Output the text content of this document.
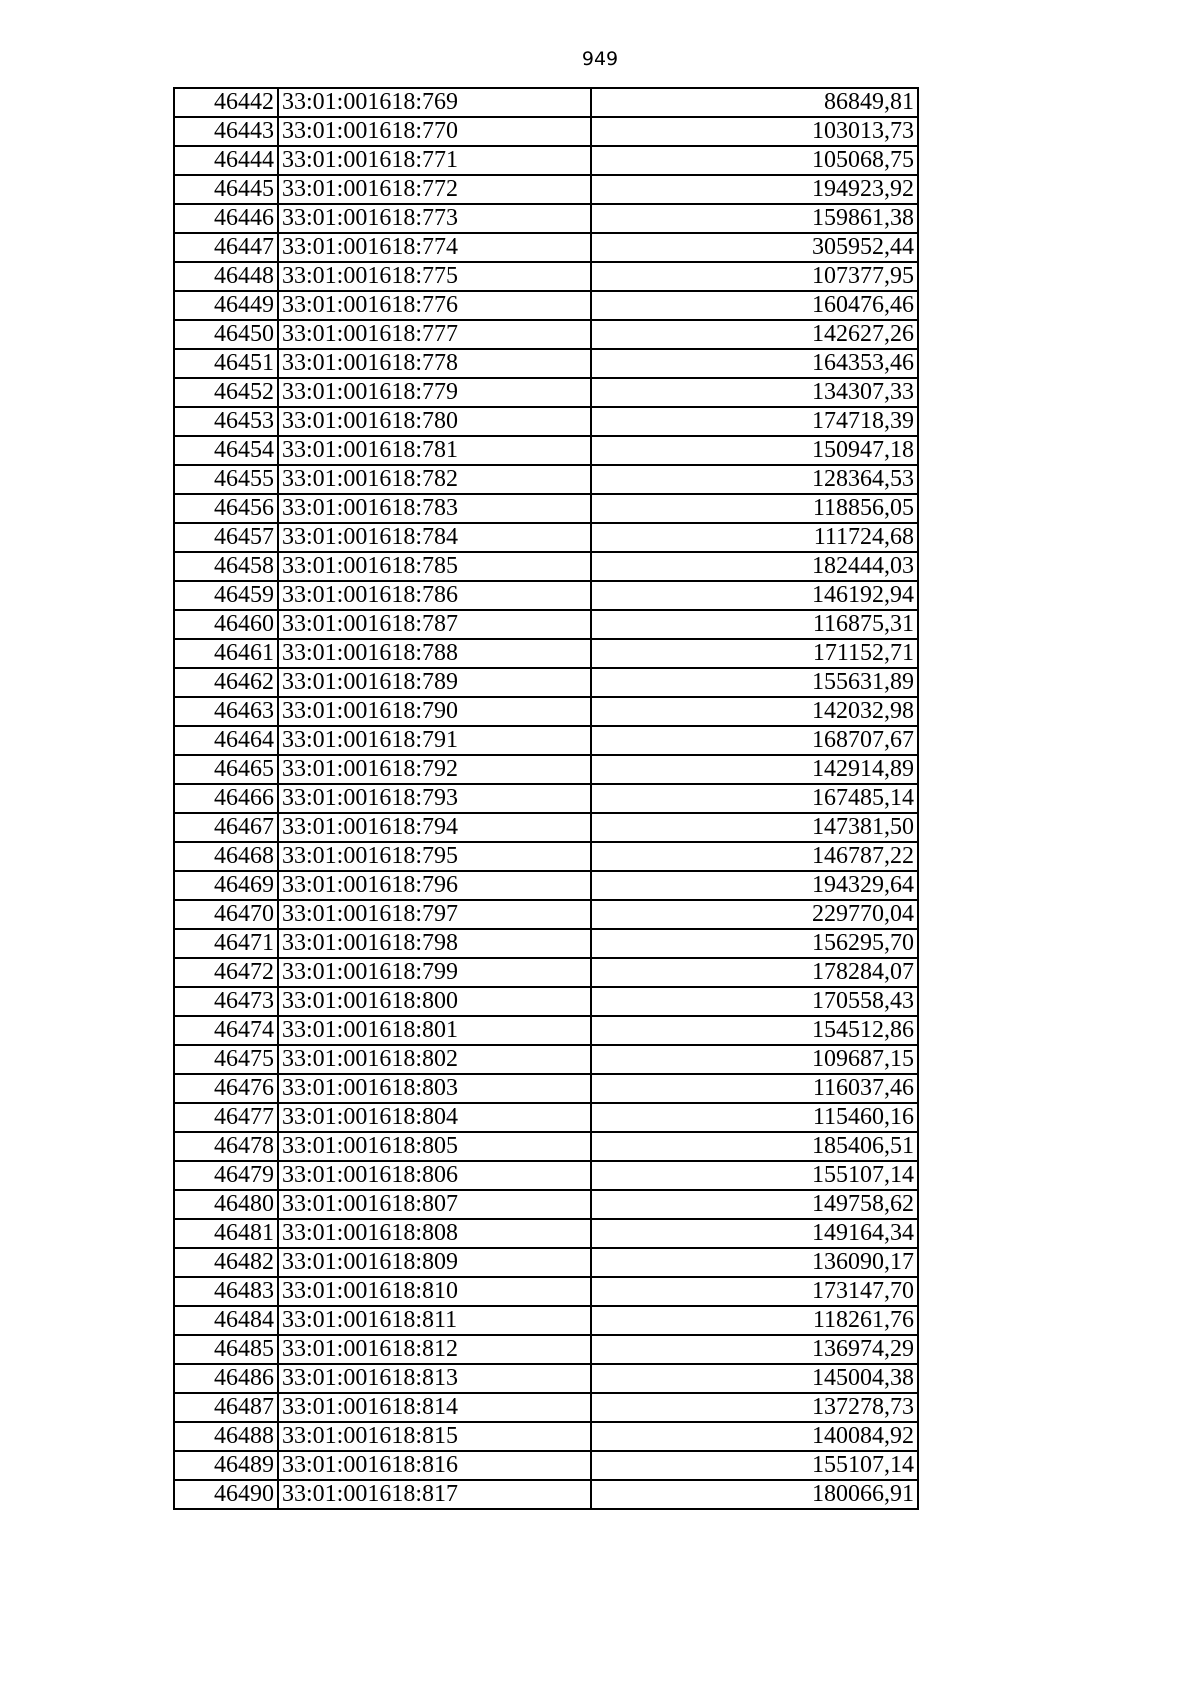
949
46442	33:01:001618:769	86849,81
46443	33:01:001618:770	103013,73
46444	33:01:001618:771	105068,75
46445	33:01:001618:772	194923,92
46446	33:01:001618:773	159861,38
46447	33:01:001618:774	305952,44
46448	33:01:001618:775	107377,95
46449	33:01:001618:776	160476,46
46450	33:01:001618:777	142627,26
46451	33:01:001618:778	164353,46
46452	33:01:001618:779	134307,33
46453	33:01:001618:780	174718,39
46454	33:01:001618:781	150947,18
46455	33:01:001618:782	128364,53
46456	33:01:001618:783	118856,05
46457	33:01:001618:784	111724,68
46458	33:01:001618:785	182444,03
46459	33:01:001618:786	146192,94
46460	33:01:001618:787	116875,31
46461	33:01:001618:788	171152,71
46462	33:01:001618:789	155631,89
46463	33:01:001618:790	142032,98
46464	33:01:001618:791	168707,67
46465	33:01:001618:792	142914,89
46466	33:01:001618:793	167485,14
46467	33:01:001618:794	147381,50
46468	33:01:001618:795	146787,22
46469	33:01:001618:796	194329,64
46470	33:01:001618:797	229770,04
46471	33:01:001618:798	156295,70
46472	33:01:001618:799	178284,07
46473	33:01:001618:800	170558,43
46474	33:01:001618:801	154512,86
46475	33:01:001618:802	109687,15
46476	33:01:001618:803	116037,46
46477	33:01:001618:804	115460,16
46478	33:01:001618:805	185406,51
46479	33:01:001618:806	155107,14
46480	33:01:001618:807	149758,62
46481	33:01:001618:808	149164,34
46482	33:01:001618:809	136090,17
46483	33:01:001618:810	173147,70
46484	33:01:001618:811	118261,76
46485	33:01:001618:812	136974,29
46486	33:01:001618:813	145004,38
46487	33:01:001618:814	137278,73
46488	33:01:001618:815	140084,92
46489	33:01:001618:816	155107,14
46490	33:01:001618:817	180066,91
